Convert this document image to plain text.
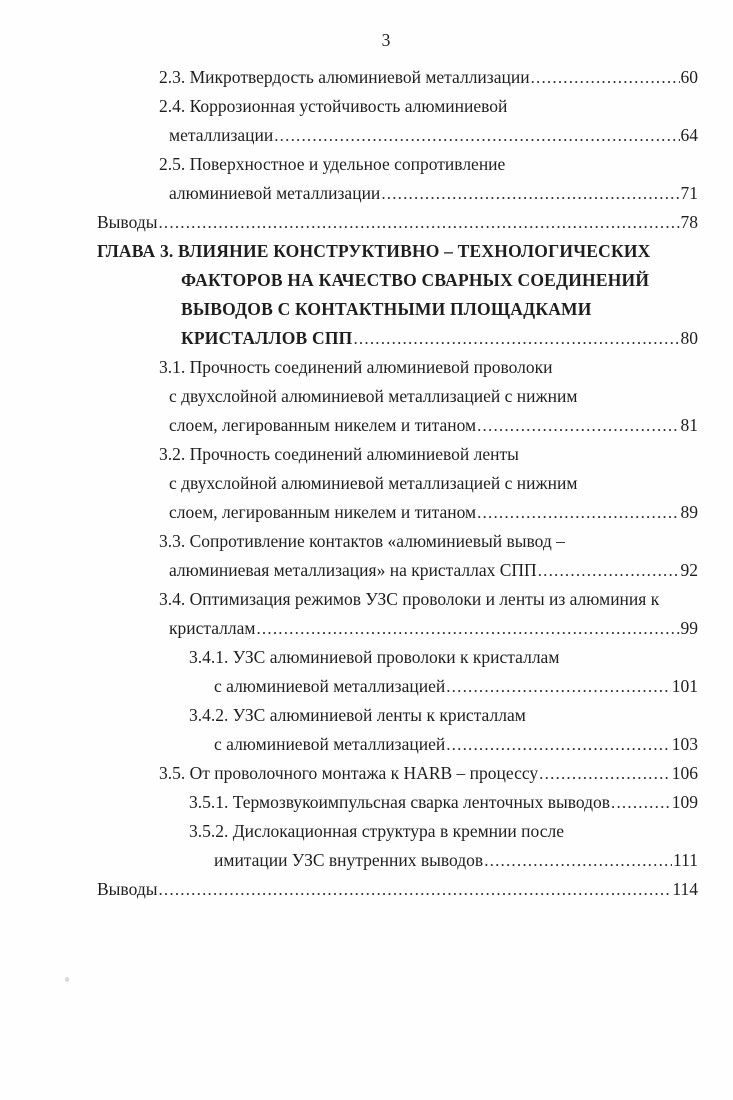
3
2.3. Микротвердость алюминиевой металлизации .....	60
2.4. Коррозионная устойчивость алюминиевой
металлизации .....	64
2.5. Поверхностное и удельное сопротивление
алюминиевой металлизации .....	71
Выводы .....	78
ГЛАВА 3. ВЛИЯНИЕ КОНСТРУКТИВНО – ТЕХНОЛОГИЧЕСКИХ
ФАКТОРОВ НА КАЧЕСТВО СВАРНЫХ СОЕДИНЕНИЙ
ВЫВОДОВ С КОНТАКТНЫМИ ПЛОЩАДКАМИ
КРИСТАЛЛОВ СПП .....	80
3.1. Прочность соединений алюминиевой проволоки
с двухслойной алюминиевой металлизацией с нижним
слоем, легированным никелем и титаном .....	81
3.2. Прочность соединений алюминиевой ленты
с двухслойной алюминиевой металлизацией с нижним
слоем, легированным никелем и титаном .....	89
3.3. Сопротивление контактов «алюминиевый вывод –
алюминиевая металлизация» на кристаллах СПП .....	92
3.4. Оптимизация режимов УЗС проволоки и ленты из алюминия к
кристаллам .....	99
3.4.1. УЗС алюминиевой проволоки к кристаллам
с алюминиевой металлизацией .....	101
3.4.2. УЗС алюминиевой ленты к кристаллам
с алюминиевой металлизацией .....	103
3.5. От проволочного монтажа к HARB – процессу .....	106
3.5.1. Термозвукоимпульсная сварка ленточных выводов .....	109
3.5.2. Дислокационная структура в кремнии после
имитации УЗС внутренних выводов .....	111
Выводы .....	114
